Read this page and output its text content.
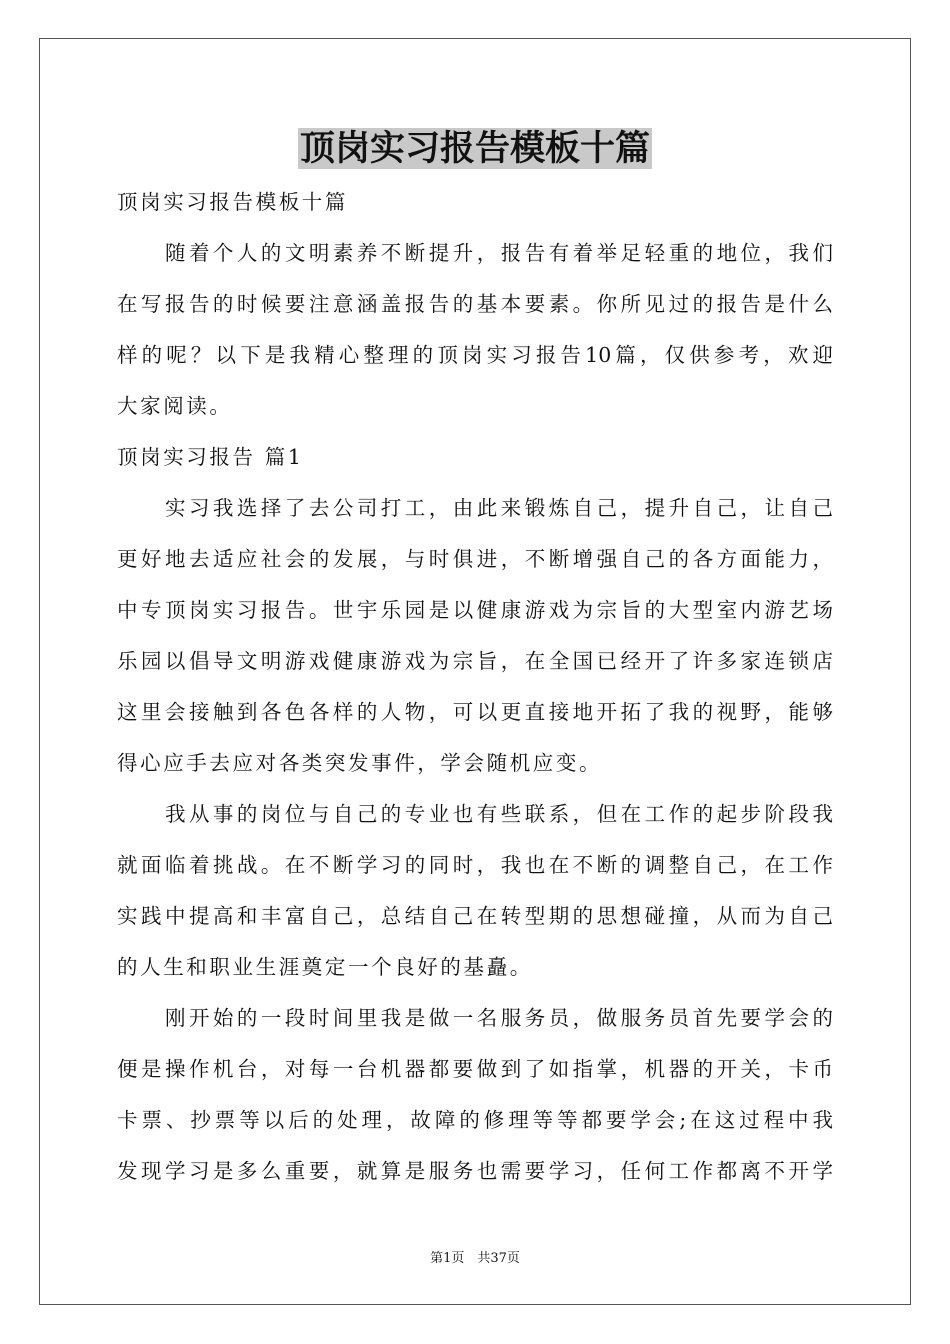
顶岗实习报告模板十篇
顶岗实习报告模板十篇
　　随着个人的文明素养不断提升，报告有着举足轻重的地位，我们
在写报告的时候要注意涵盖报告的基本要素。你所见过的报告是什么
样的呢？以下是我精心整理的顶岗实习报告10篇，仅供参考，欢迎
大家阅读。
顶岗实习报告 篇1
　　实习我选择了去公司打工，由此来锻炼自己，提升自己，让自己
更好地去适应社会的发展，与时俱进，不断增强自己的各方面能力，
中专顶岗实习报告。世宇乐园是以健康游戏为宗旨的大型室内游艺场
乐园以倡导文明游戏健康游戏为宗旨，在全国已经开了许多家连锁店
这里会接触到各色各样的人物，可以更直接地开拓了我的视野，能够
得心应手去应对各类突发事件，学会随机应变。
　　我从事的岗位与自己的专业也有些联系，但在工作的起步阶段我
就面临着挑战。在不断学习的同时，我也在不断的调整自己，在工作
实践中提高和丰富自己，总结自己在转型期的思想碰撞，从而为自己
的人生和职业生涯奠定一个良好的基矗。
　　刚开始的一段时间里我是做一名服务员，做服务员首先要学会的
便是操作机台，对每一台机器都要做到了如指掌，机器的开关，卡币
卡票、抄票等以后的处理，故障的修理等等都要学会;在这过程中我
发现学习是多么重要，就算是服务也需要学习，任何工作都离不开学
第1页　共37页
